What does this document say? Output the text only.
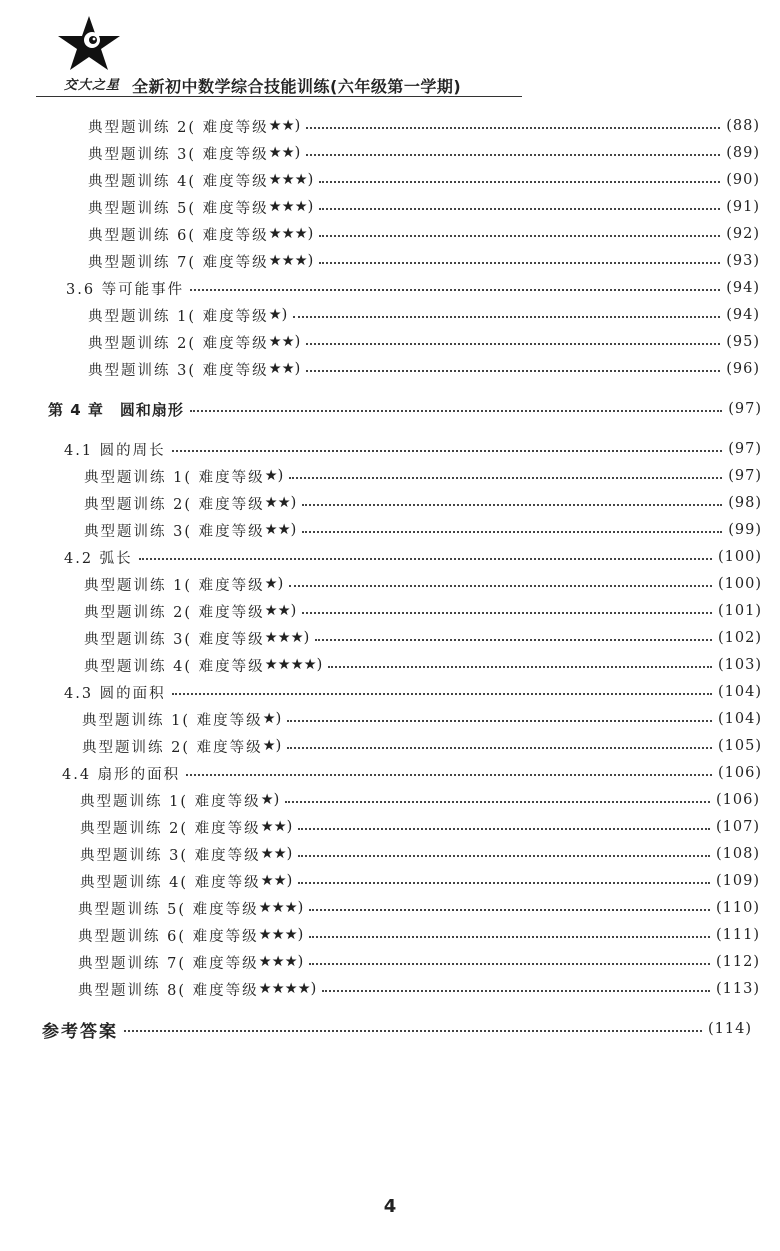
交大之星 全新初中数学综合技能训练(六年级第一学期)
典型题训练 2( 难度等级 ★★)	(88)
典型题训练 3( 难度等级 ★★)	(89)
典型题训练 4( 难度等级 ★★★)	(90)
典型题训练 5( 难度等级 ★★★)	(91)
典型题训练 6( 难度等级 ★★★)	(92)
典型题训练 7( 难度等级 ★★★)	(93)
3.6 等可能事件	(94)
典型题训练 1( 难度等级 ★)	(94)
典型题训练 2( 难度等级 ★★)	(95)
典型题训练 3( 难度等级 ★★)	(96)
第 4 章　圆和扇形	(97)
4.1 圆的周长	(97)
典型题训练 1( 难度等级 ★)	(97)
典型题训练 2( 难度等级 ★★)	(98)
典型题训练 3( 难度等级 ★★)	(99)
4.2 弧长	(100)
典型题训练 1( 难度等级 ★)	(100)
典型题训练 2( 难度等级 ★★)	(101)
典型题训练 3( 难度等级 ★★★)	(102)
典型题训练 4( 难度等级 ★★★★)	(103)
4.3 圆的面积	(104)
典型题训练 1( 难度等级 ★)	(104)
典型题训练 2( 难度等级 ★)	(105)
4.4 扇形的面积	(106)
典型题训练 1( 难度等级 ★)	(106)
典型题训练 2( 难度等级 ★★)	(107)
典型题训练 3( 难度等级 ★★)	(108)
典型题训练 4( 难度等级 ★★)	(109)
典型题训练 5( 难度等级 ★★★)	(110)
典型题训练 6( 难度等级 ★★★)	(111)
典型题训练 7( 难度等级 ★★★)	(112)
典型题训练 8( 难度等级 ★★★★)	(113)
参考答案	(114)
4
